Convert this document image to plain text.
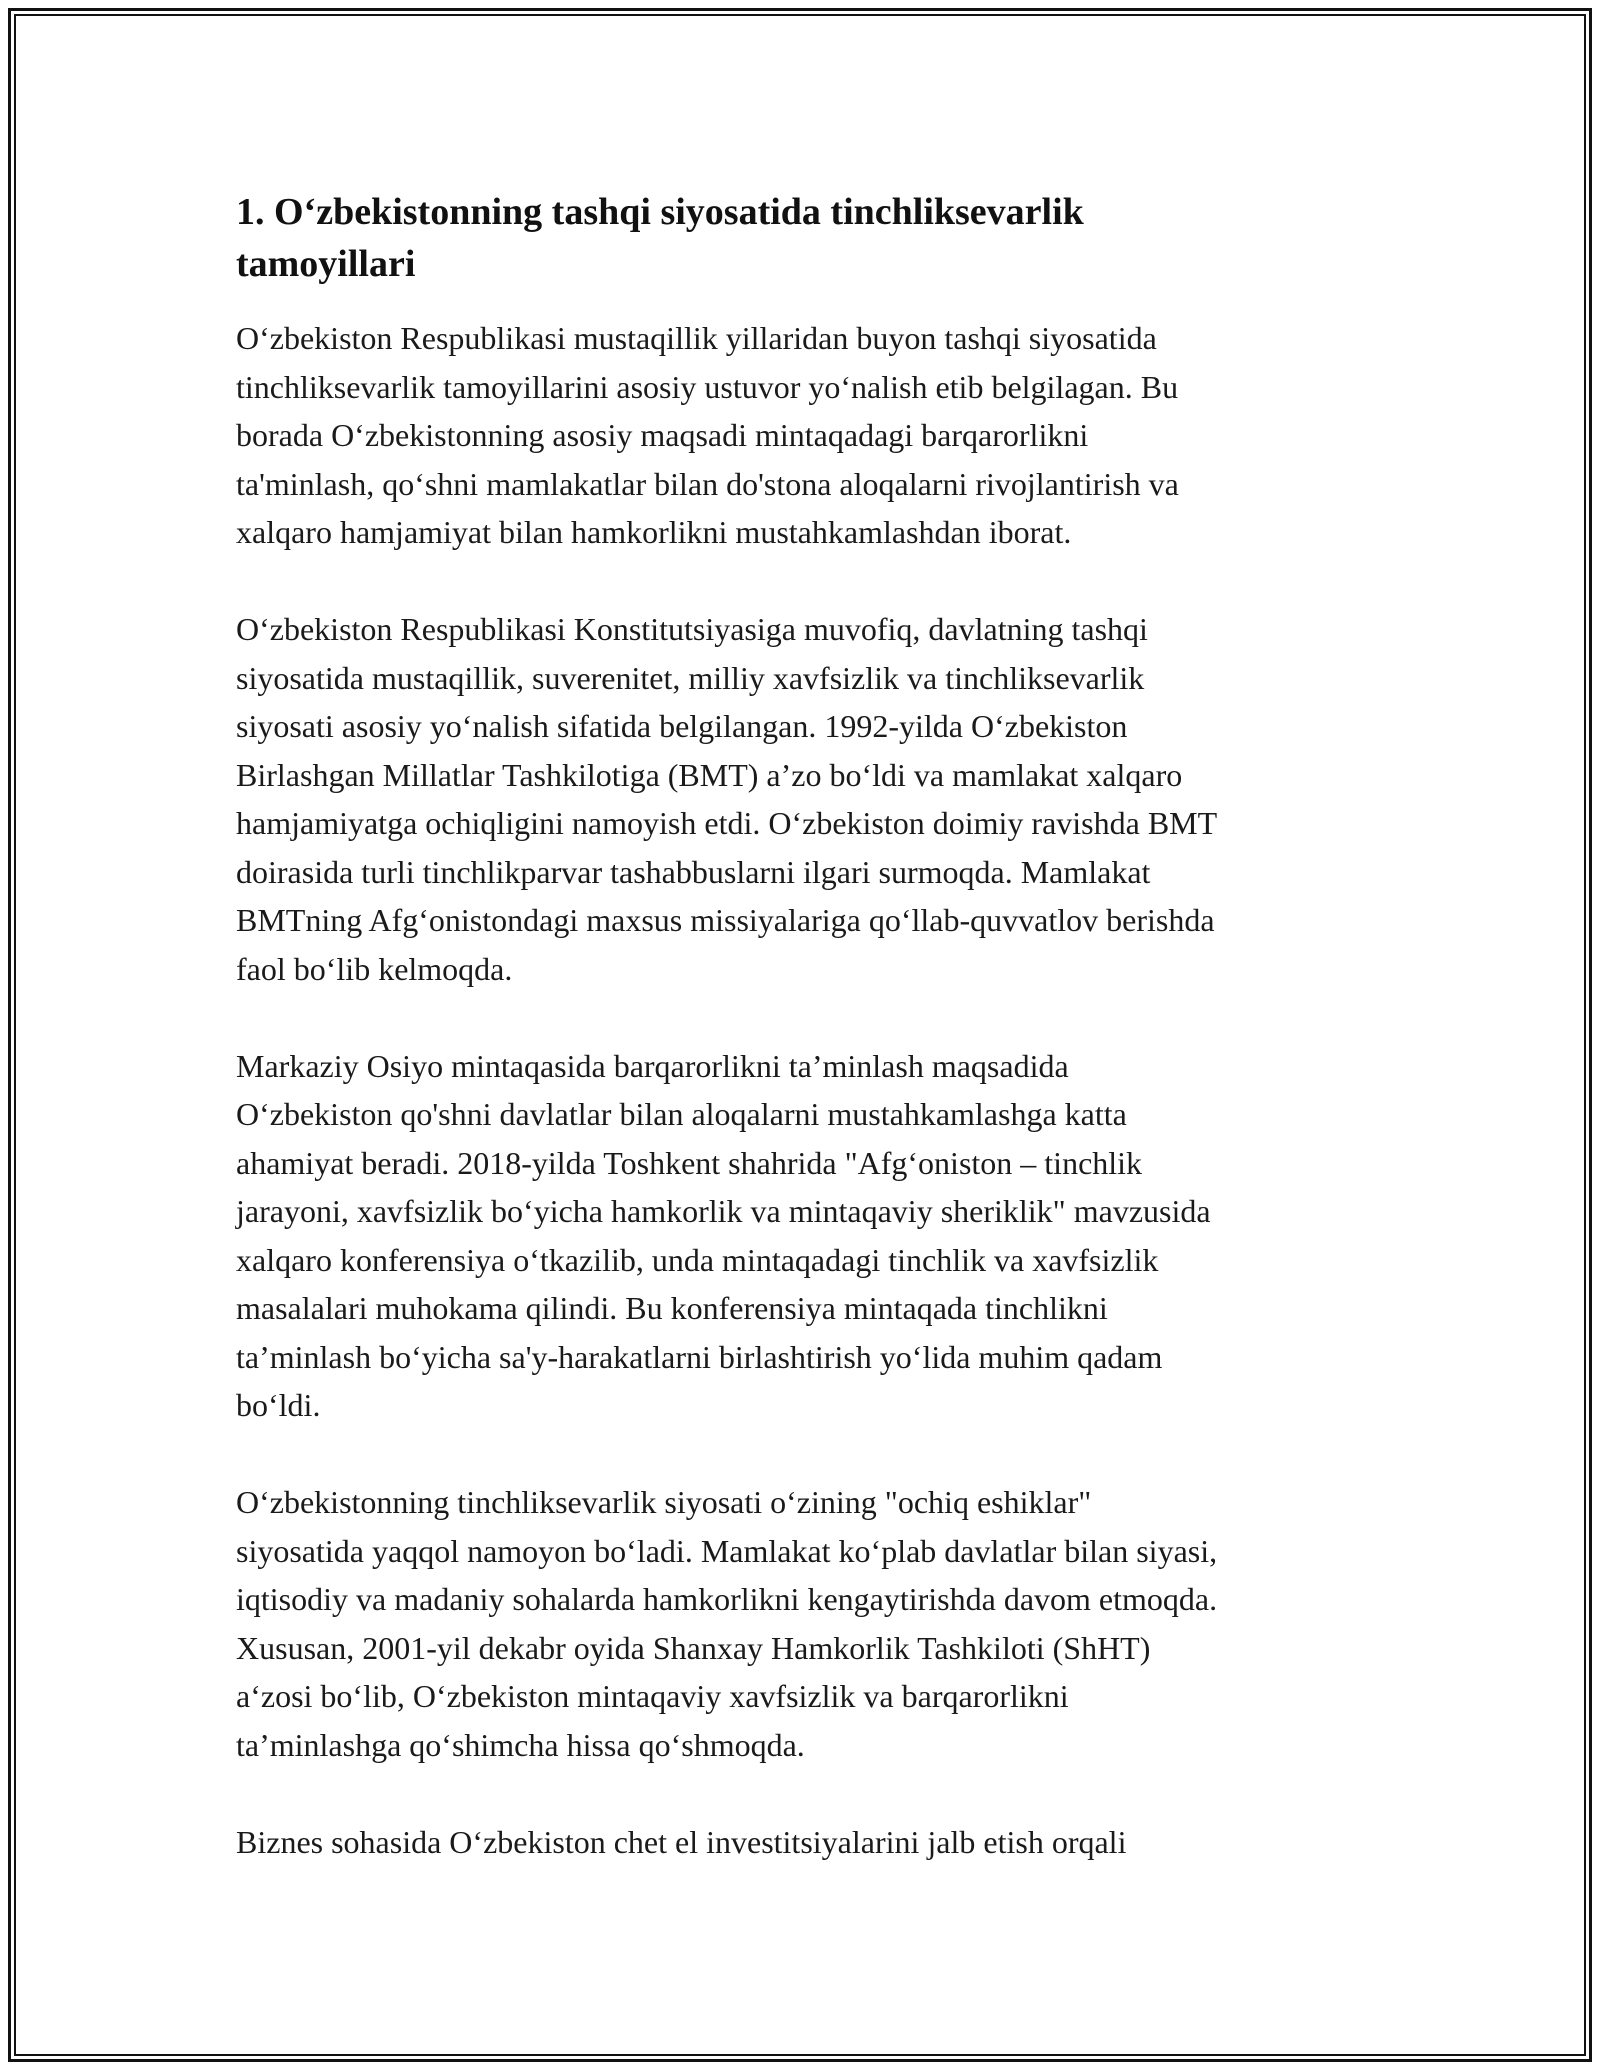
1. O‘zbekistonning tashqi siyosatida tinchliksevarlik
tamoyillari

O‘zbekiston Respublikasi mustaqillik yillaridan buyon tashqi siyosatida
tinchliksevarlik tamoyillarini asosiy ustuvor yo‘nalish etib belgilagan. Bu
borada O‘zbekistonning asosiy maqsadi mintaqadagi barqarorlikni
ta'minlash, qo‘shni mamlakatlar bilan do'stona aloqalarni rivojlantirish va
xalqaro hamjamiyat bilan hamkorlikni mustahkamlashdan iborat.

O‘zbekiston Respublikasi Konstitutsiyasiga muvofiq, davlatning tashqi
siyosatida mustaqillik, suverenitet, milliy xavfsizlik va tinchliksevarlik
siyosati asosiy yo‘nalish sifatida belgilangan. 1992-yilda O‘zbekiston
Birlashgan Millatlar Tashkilotiga (BMT) a’zo bo‘ldi va mamlakat xalqaro
hamjamiyatga ochiqligini namoyish etdi. O‘zbekiston doimiy ravishda BMT
doirasida turli tinchlikparvar tashabbuslarni ilgari surmoqda. Mamlakat
BMTning Afg‘onistondagi maxsus missiyalariga qo‘llab-quvvatlov berishda
faol bo‘lib kelmoqda.

Markaziy Osiyo mintaqasida barqarorlikni ta’minlash maqsadida
O‘zbekiston qo'shni davlatlar bilan aloqalarni mustahkamlashga katta
ahamiyat beradi. 2018-yilda Toshkent shahrida "Afg‘oniston – tinchlik
jarayoni, xavfsizlik bo‘yicha hamkorlik va mintaqaviy sheriklik" mavzusida
xalqaro konferensiya o‘tkazilib, unda mintaqadagi tinchlik va xavfsizlik
masalalari muhokama qilindi. Bu konferensiya mintaqada tinchlikni
ta’minlash bo‘yicha sa'y-harakatlarni birlashtirish yo‘lida muhim qadam
bo‘ldi.

O‘zbekistonning tinchliksevarlik siyosati o‘zining "ochiq eshiklar"
siyosatida yaqqol namoyon bo‘ladi. Mamlakat ko‘plab davlatlar bilan siyasi,
iqtisodiy va madaniy sohalarda hamkorlikni kengaytirishda davom etmoqda.
Xususan, 2001-yil dekabr oyida Shanxay Hamkorlik Tashkiloti (ShHT)
a‘zosi bo‘lib, O‘zbekiston mintaqaviy xavfsizlik va barqarorlikni
ta’minlashga qo‘shimcha hissa qo‘shmoqda.

Biznes sohasida O‘zbekiston chet el investitsiyalarini jalb etish orqali
